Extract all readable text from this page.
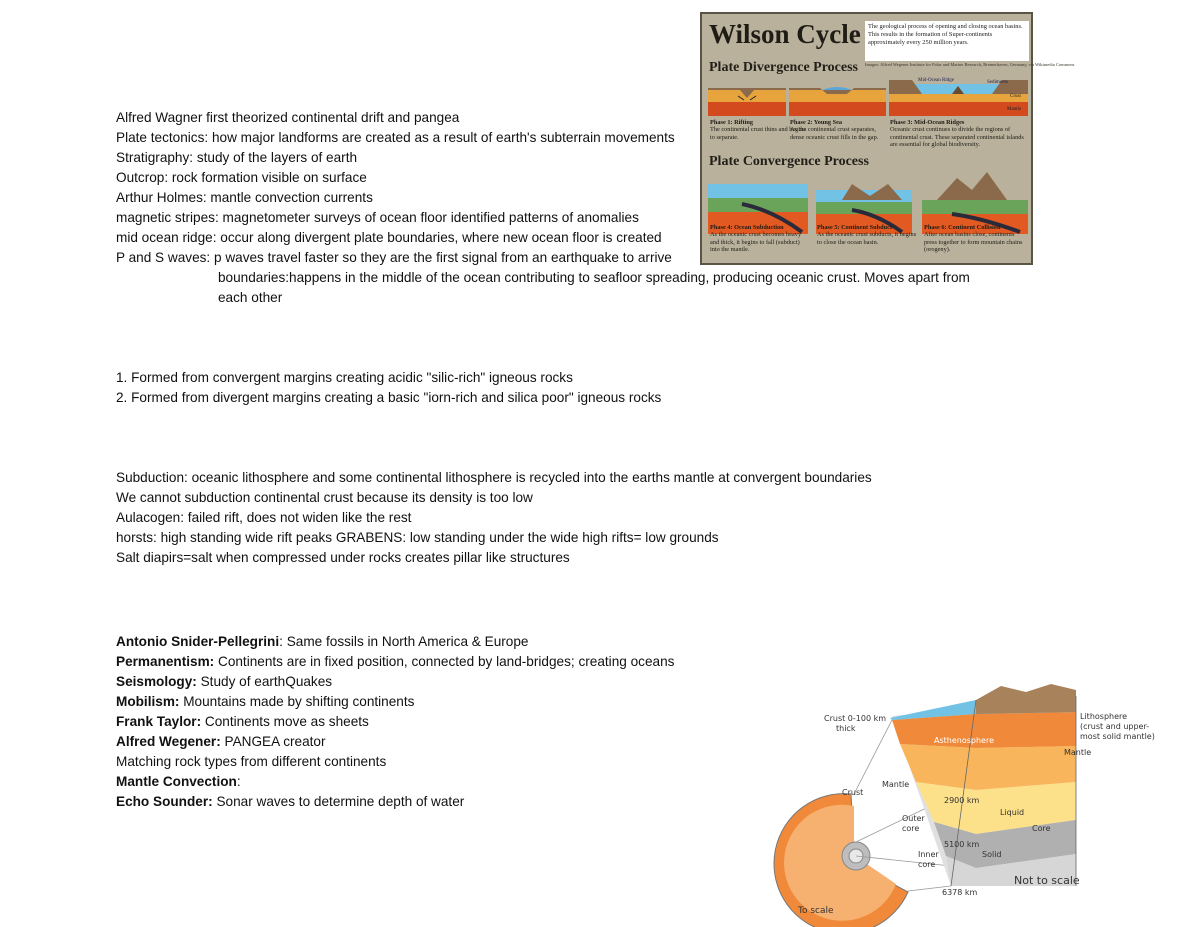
Alfred Wagner first theorized continental drift and pangea
Plate tectonics: how major landforms are created as a result of earth's subterrain movements
Stratigraphy: study of the layers of earth
Outcrop: rock formation visible on surface
Arthur Holmes: mantle convection currents
magnetic stripes: magnetometer surveys of ocean floor identified patterns of anomalies
mid ocean ridge: occur along divergent plate boundaries, where new ocean floor is created
P and S waves: p waves travel faster so they are the first signal from an earthquake to arrive
boundaries:happens in the middle of the ocean contributing to seafloor spreading, producing oceanic crust. Moves apart from
each other
1. Formed from convergent margins creating acidic "silic-rich" igneous rocks
2. Formed from divergent margins creating a basic "iorn-rich and silica poor" igneous rocks
Subduction: oceanic lithosphere and some continental lithosphere is recycled into the earths mantle at convergent boundaries
We cannot subduction continental crust because its density is too low
Aulacogen: failed rift, does not widen like the rest
horsts: high standing wide rift peaks GRABENS: low standing under the wide high rifts= low grounds
Salt diapirs=salt when compressed under rocks creates pillar like structures
Antonio Snider-Pellegrini: Same fossils in North America & Europe
Permanentism: Continents are in fixed position, connected by land-bridges; creating oceans
Seismology: Study of earthQuakes
Mobilism: Mountains made by shifting continents
Frank Taylor: Continents move as sheets
Alfred Wegener: PANGEA creator
Matching rock types from different continents
Mantle Convection:
Echo Sounder: Sonar waves to determine depth of water
Wilson Cycle	The geological process of opening and closing ocean basins. This results in the formation of Super-continents approximately every 250 million years.
Images: Alfred Wegener Institute for Polar and Marine Research, Bremerhaven, Germany, via Wikimedia Commons
Plate Divergence Process
Mid-Ocean Ridge	Sediments
Crust
Mantle
Phase 1: Rifting
The continental crust thins and begins to separate.
Phase 2: Young Sea
As the continental crust separates, dense oceanic crust fills in the gap.
Phase 3: Mid-Ocean Ridges
Oceanic crust continues to divide the regions of continental crust. These separated continental islands are essential for global biodiversity.
Plate Convergence Process
Phase 4: Ocean Subduction
As the oceanic crust becomes heavy and thick, it begins to fall (subduct) into the mantle.
Phase 5: Continent Subduct
As the oceanic crust subducts, it begins to close the ocean basin.
Phase 6: Continent Collision
After ocean basins close, continents press together to form mountain chains (orogeny).
Crust 0-100 km
thick
Lithosphere
(crust and upper-
most solid mantle)
Asthenosphere
Mantle
Mantle
Crust
2900 km
Liquid
Outer
core	Core
5100 km
Inner
core
Solid
Not to scale
6378 km
To scale
